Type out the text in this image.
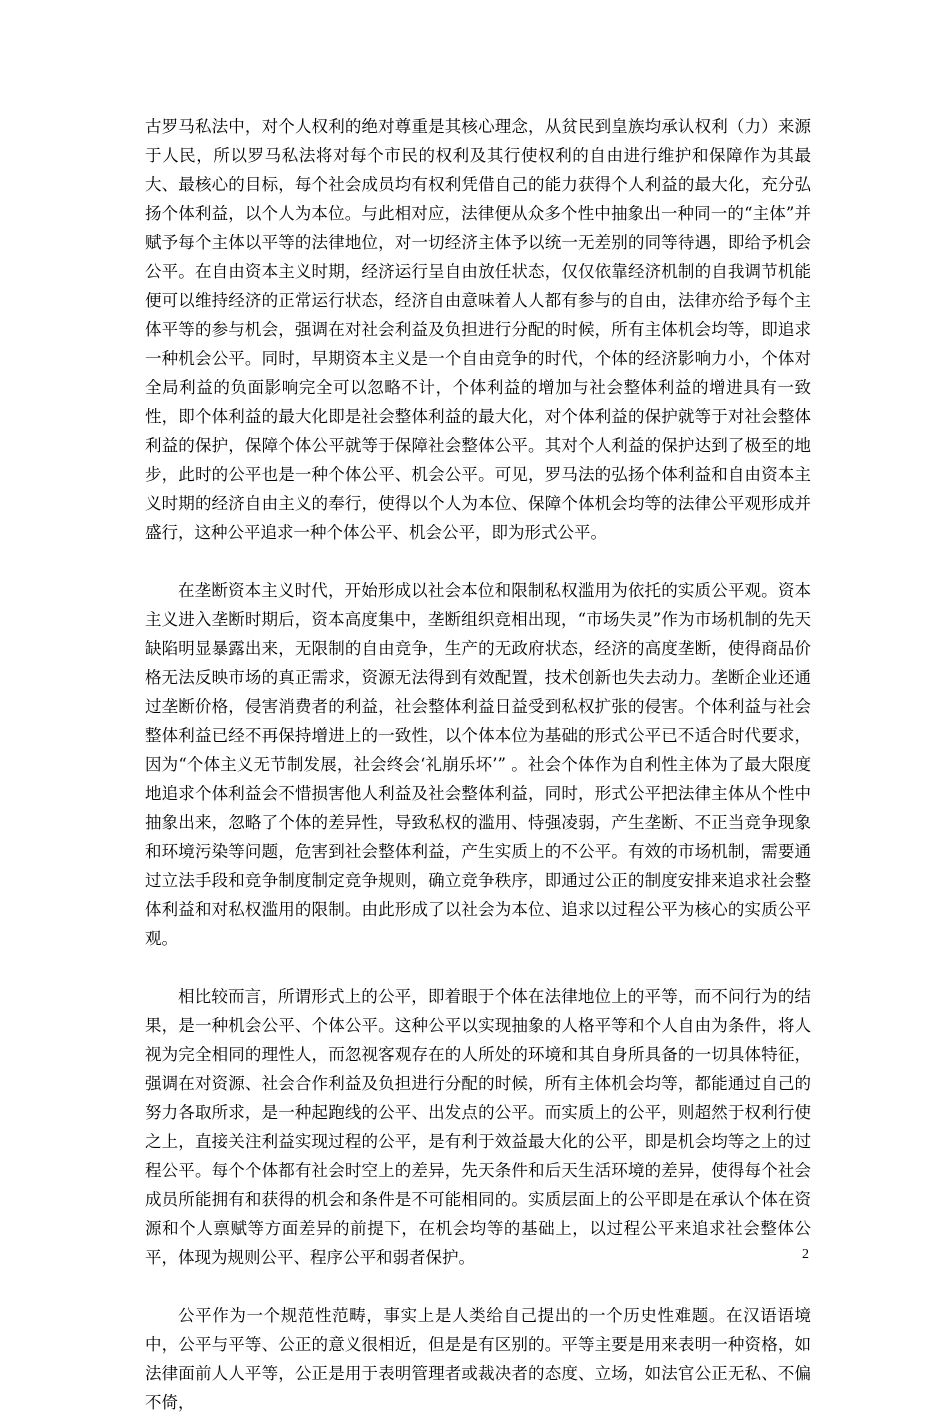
古罗马私法中，对个人权利的绝对尊重是其核心理念，从贫民到皇族均承认权利（力）来源于人民，所以罗马私法将对每个市民的权利及其行使权利的自由进行维护和保障作为其最大、最核心的目标，每个社会成员均有权利凭借自己的能力获得个人利益的最大化，充分弘扬个体利益，以个人为本位。与此相对应，法律便从众多个性中抽象出一种同一的“主体”并赋予每个主体以平等的法律地位，对一切经济主体予以统一无差别的同等待遇，即给予机会公平。在自由资本主义时期，经济运行呈自由放任状态，仅仅依靠经济机制的自我调节机能便可以维持经济的正常运行状态，经济自由意味着人人都有参与的自由，法律亦给予每个主体平等的参与机会，强调在对社会利益及负担进行分配的时候，所有主体机会均等，即追求一种机会公平。同时，早期资本主义是一个自由竞争的时代，个体的经济影响力小，个体对全局利益的负面影响完全可以忽略不计，个体利益的增加与社会整体利益的增进具有一致性，即个体利益的最大化即是社会整体利益的最大化，对个体利益的保护就等于对社会整体利益的保护，保障个体公平就等于保障社会整体公平。其对个人利益的保护达到了极至的地步，此时的公平也是一种个体公平、机会公平。可见，罗马法的弘扬个体利益和自由资本主义时期的经济自由主义的奉行，使得以个人为本位、保障个体机会均等的法律公平观形成并盛行，这种公平追求一种个体公平、机会公平，即为形式公平。

在垄断资本主义时代，开始形成以社会本位和限制私权滥用为依托的实质公平观。资本主义进入垄断时期后，资本高度集中，垄断组织竞相出现，“市场失灵”作为市场机制的先天缺陷明显暴露出来，无限制的自由竞争，生产的无政府状态，经济的高度垄断，使得商品价格无法反映市场的真正需求，资源无法得到有效配置，技术创新也失去动力。垄断企业还通过垄断价格，侵害消费者的利益，社会整体利益日益受到私权扩张的侵害。个体利益与社会整体利益已经不再保持增进上的一致性，以个体本位为基础的形式公平已不适合时代要求，因为“个体主义无节制发展，社会终会‘礼崩乐坏’” 。社会个体作为自利性主体为了最大限度地追求个体利益会不惜损害他人利益及社会整体利益，同时，形式公平把法律主体从个性中抽象出来，忽略了个体的差异性，导致私权的滥用、恃强凌弱，产生垄断、不正当竞争现象和环境污染等问题，危害到社会整体利益，产生实质上的不公平。有效的市场机制，需要通过立法手段和竞争制度制定竞争规则，确立竞争秩序，即通过公正的制度安排来追求社会整体利益和对私权滥用的限制。由此形成了以社会为本位、追求以过程公平为核心的实质公平观。

相比较而言，所谓形式上的公平，即着眼于个体在法律地位上的平等，而不问行为的结果，是一种机会公平、个体公平。这种公平以实现抽象的人格平等和个人自由为条件，将人视为完全相同的理性人，而忽视客观存在的人所处的环境和其自身所具备的一切具体特征，强调在对资源、社会合作利益及负担进行分配的时候，所有主体机会均等，都能通过自己的努力各取所求，是一种起跑线的公平、出发点的公平。而实质上的公平，则超然于权利行使之上，直接关注利益实现过程的公平，是有利于效益最大化的公平，即是机会均等之上的过程公平。每个个体都有社会时空上的差异，先天条件和后天生活环境的差异，使得每个社会成员所能拥有和获得的机会和条件是不可能相同的。实质层面上的公平即是在承认个体在资源和个人禀赋等方面差异的前提下，在机会均等的基础上，以过程公平来追求社会整体公平，体现为规则公平、程序公平和弱者保护。

公平作为一个规范性范畴，事实上是人类给自己提出的一个历史性难题。在汉语语境中，公平与平等、公正的意义很相近，但是是有区别的。平等主要是用来表明一种资格，如法律面前人人平等，公正是用于表明管理者或裁决者的态度、立场，如法官公正无私、不偏不倚，

2
